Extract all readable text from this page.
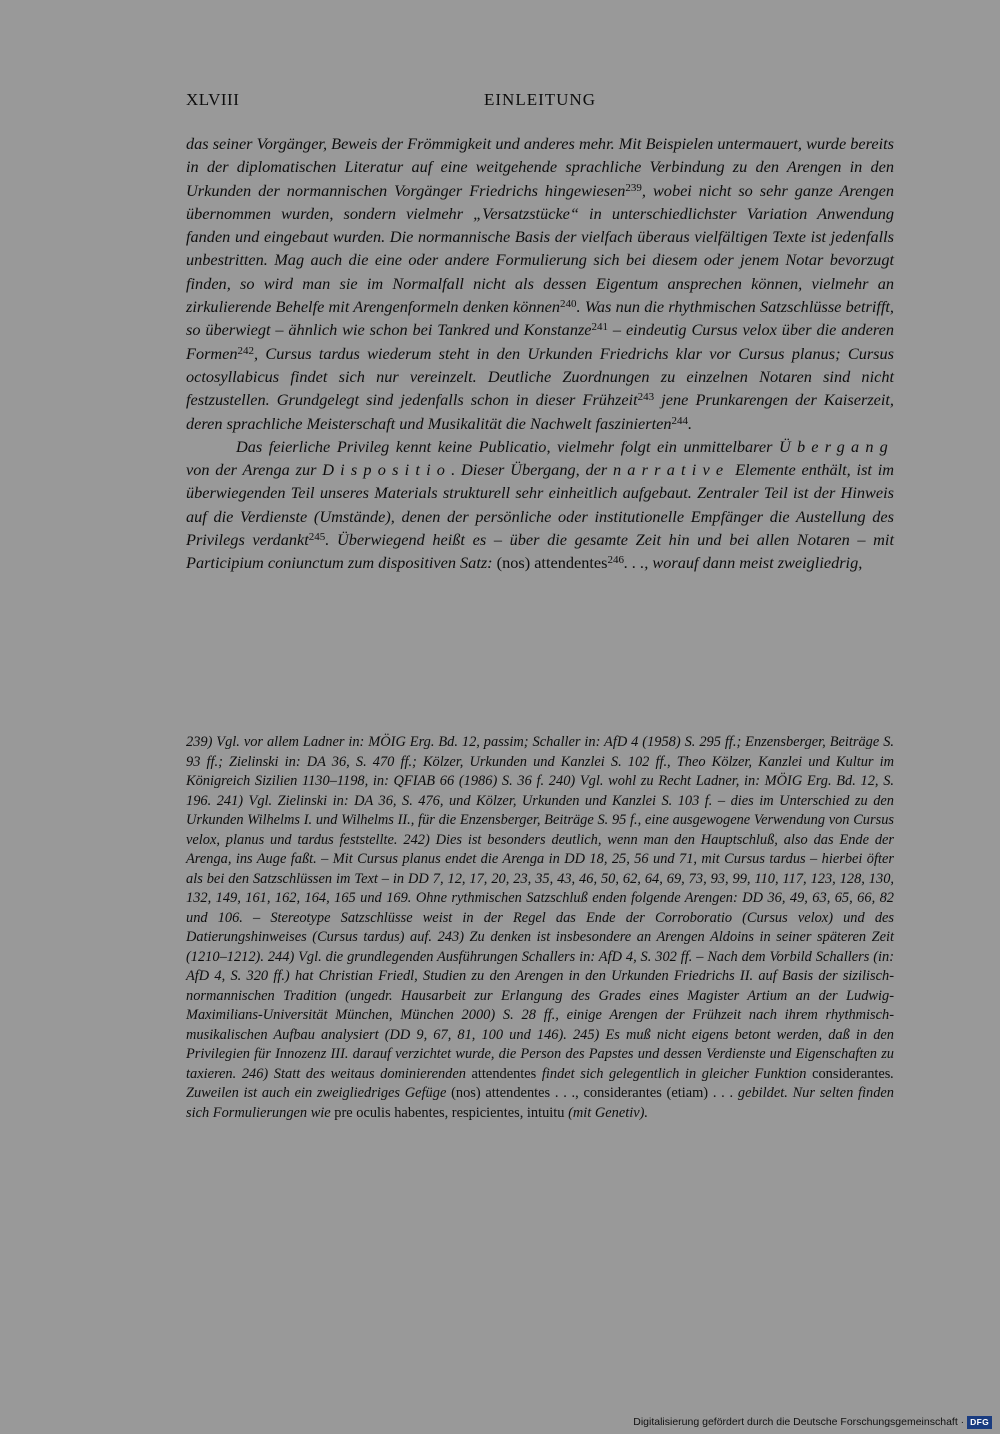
XLVIII	EINLEITUNG

das seiner Vorgänger, Beweis der Frömmigkeit und anderes mehr. Mit Beispielen untermauert, wurde bereits in der diplomatischen Literatur auf eine weitgehende sprachliche Verbindung zu den Arengen in den Urkunden der normannischen Vorgänger Friedrichs hingewiesen$^{239}$, wobei nicht so sehr ganze Arengen übernommen wurden, sondern vielmehr „Versatzstücke“ in unterschiedlichster Variation Anwendung fanden und eingebaut wurden. Die normannische Basis der vielfach überaus vielfältigen Texte ist jedenfalls unbestritten. Mag auch die eine oder andere Formulierung sich bei diesem oder jenem Notar bevorzugt finden, so wird man sie im Normalfall nicht als dessen Eigentum ansprechen können, vielmehr an zirkulierende Behelfe mit Arengenformeln denken können$^{240}$. Was nun die rhythmischen Satzschlüsse betrifft, so überwiegt – ähnlich wie schon bei Tankred und Konstanze$^{241}$ – eindeutig Cursus velox über die anderen Formen$^{242}$, Cursus tardus wiederum steht in den Urkunden Friedrichs klar vor Cursus planus; Cursus octosyllabicus findet sich nur vereinzelt. Deutliche Zuordnungen zu einzelnen Notaren sind nicht festzustellen. Grundgelegt sind jedenfalls schon in dieser Frühzeit$^{243}$ jene Prunkarengen der Kaiserzeit, deren sprachliche Meisterschaft und Musikalität die Nachwelt faszinierten$^{244}$.

Das feierliche Privileg kennt keine Publicatio, vielmehr folgt ein unmittelbarer Übergang von der Arenga zur Dispositio. Dieser Übergang, der narrative Elemente enthält, ist im überwiegenden Teil unseres Materials strukturell sehr einheitlich aufgebaut. Zentraler Teil ist der Hinweis auf die Verdienste (Umstände), denen der persönliche oder institutionelle Empfänger die Austellung des Privilegs verdankt$^{245}$. Überwiegend heißt es – über die gesamte Zeit hin und bei allen Notaren – mit Participium coniunctum zum dispositiven Satz: (nos) attendentes$^{246}$. . ., worauf dann meist zweigliedrig,

239) Vgl. vor allem Ladner in: MÖIG Erg. Bd. 12, passim; Schaller in: AfD 4 (1958) S. 295 ff.; Enzensberger, Beiträge S. 93 ff.; Zielinski in: DA 36, S. 470 ff.; Kölzer, Urkunden und Kanzlei S. 102 ff., Theo Kölzer, Kanzlei und Kultur im Königreich Sizilien 1130–1198, in: QFIAB 66 (1986) S. 36 f. 240) Vgl. wohl zu Recht Ladner, in: MÖIG Erg. Bd. 12, S. 196. 241) Vgl. Zielinski in: DA 36, S. 476, und Kölzer, Urkunden und Kanzlei S. 103 f. – dies im Unterschied zu den Urkunden Wilhelms I. und Wilhelms II., für die Enzensberger, Beiträge S. 95 f., eine ausgewogene Verwendung von Cursus velox, planus und tardus feststellte. 242) Dies ist besonders deutlich, wenn man den Hauptschluß, also das Ende der Arenga, ins Auge faßt. – Mit Cursus planus endet die Arenga in DD 18, 25, 56 und 71, mit Cursus tardus – hierbei öfter als bei den Satzschlüssen im Text – in DD 7, 12, 17, 20, 23, 35, 43, 46, 50, 62, 64, 69, 73, 93, 99, 110, 117, 123, 128, 130, 132, 149, 161, 162, 164, 165 und 169. Ohne rythmischen Satzschluß enden folgende Arengen: DD 36, 49, 63, 65, 66, 82 und 106. – Stereotype Satzschlüsse weist in der Regel das Ende der Corroboratio (Cursus velox) und des Datierungshinweises (Cursus tardus) auf. 243) Zu denken ist insbesondere an Arengen Aldoins in seiner späteren Zeit (1210–1212). 244) Vgl. die grundlegenden Ausführungen Schallers in: AfD 4, S. 302 ff. – Nach dem Vorbild Schallers (in: AfD 4, S. 320 ff.) hat Christian Friedl, Studien zu den Arengen in den Urkunden Friedrichs II. auf Basis der sizilisch-normannischen Tradition (ungedr. Hausarbeit zur Erlangung des Grades eines Magister Artium an der Ludwig-Maximilians-Universität München, München 2000) S. 28 ff., einige Arengen der Frühzeit nach ihrem rhythmisch-musikalischen Aufbau analysiert (DD 9, 67, 81, 100 und 146). 245) Es muß nicht eigens betont werden, daß in den Privilegien für Innozenz III. darauf verzichtet wurde, die Person des Papstes und dessen Verdienste und Eigenschaften zu taxieren. 246) Statt des weitaus dominierenden attendentes findet sich gelegentlich in gleicher Funktion considerantes. Zuweilen ist auch ein zweigliedriges Gefüge (nos) attendentes . . ., considerantes (etiam) . . . gebildet. Nur selten finden sich Formulierungen wie pre oculis habentes, respicientes, intuitu (mit Genetiv).
Digitalisierung gefördert durch die Deutsche Forschungsgemeinschaft · DFG
